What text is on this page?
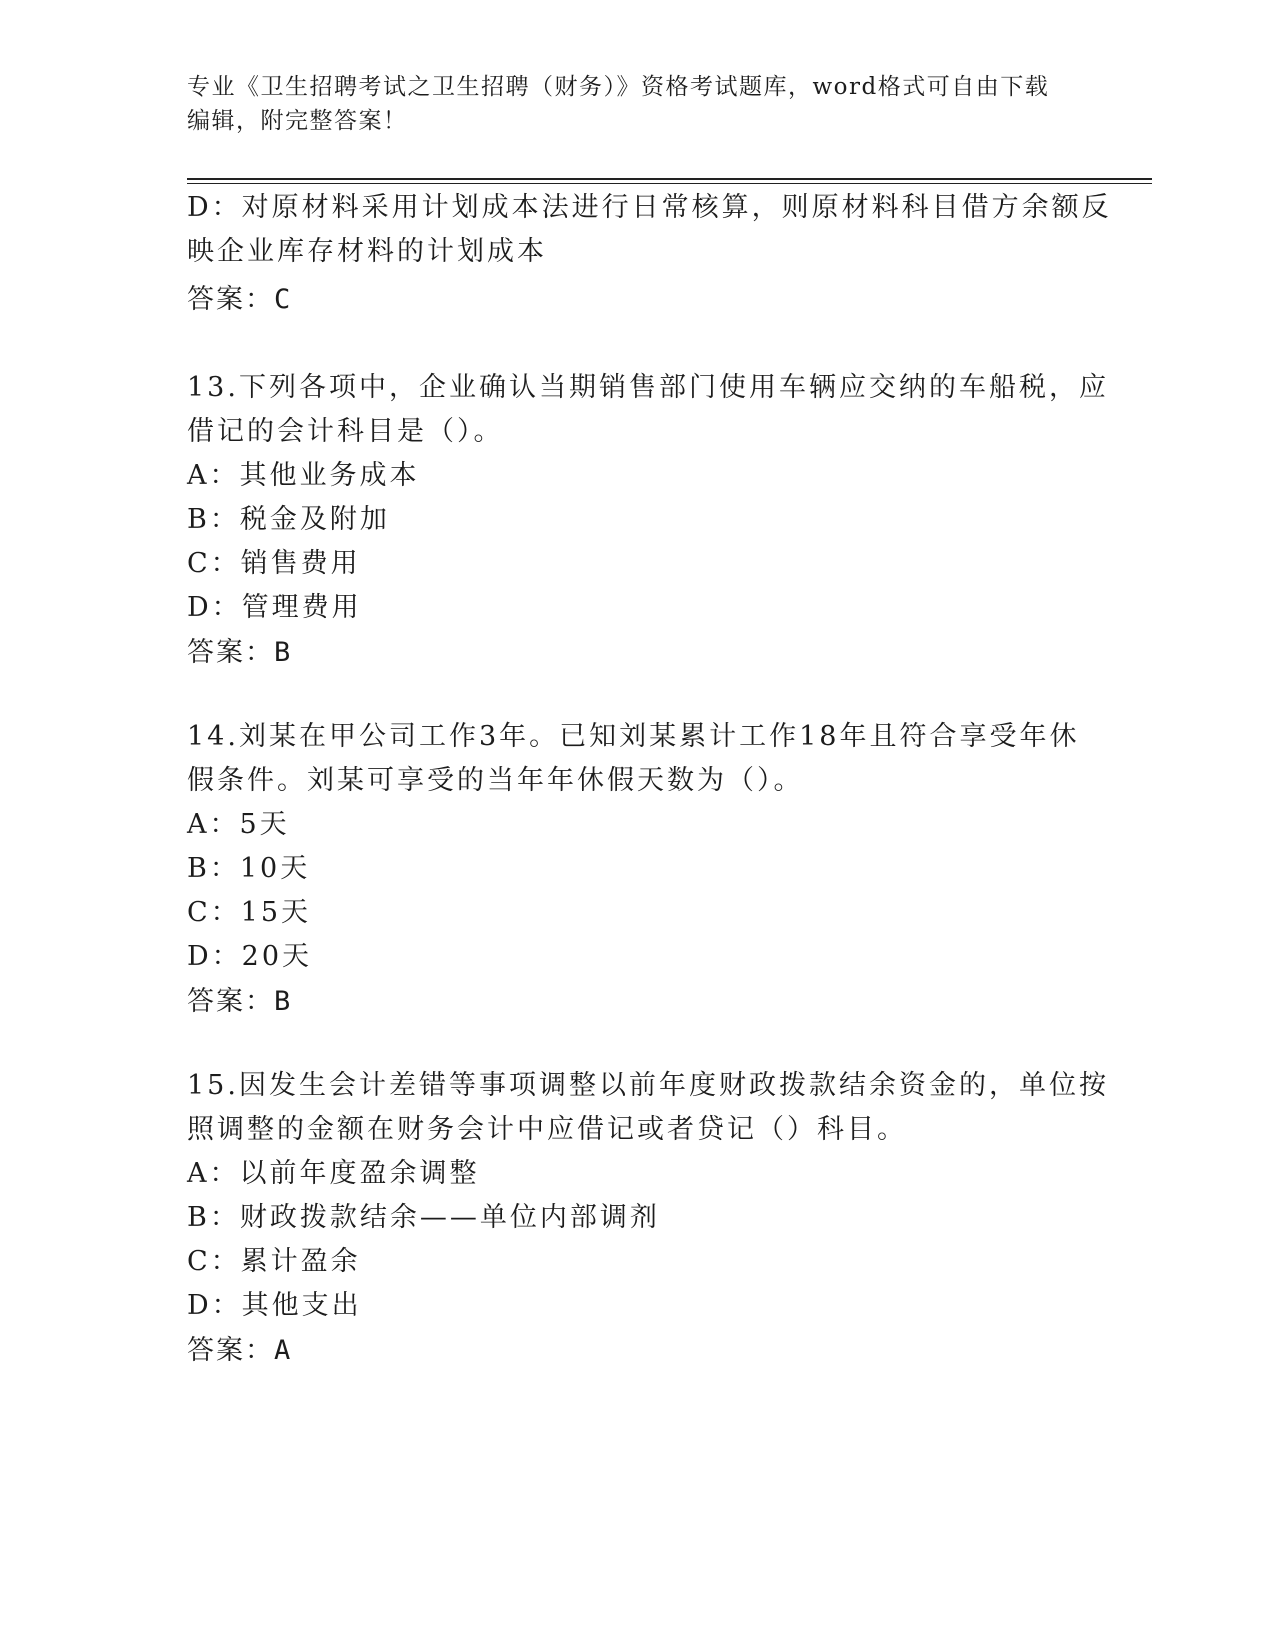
专业《卫生招聘考试之卫生招聘（财务）》资格考试题库，word格式可自由下载
编辑，附完整答案！
D：对原材料采用计划成本法进行日常核算，则原材料科目借方余额反
映企业库存材料的计划成本
答案：C
13.下列各项中，企业确认当期销售部门使用车辆应交纳的车船税，应
借记的会计科目是（）。
A：其他业务成本
B：税金及附加
C：销售费用
D：管理费用
答案：B
14.刘某在甲公司工作3年。已知刘某累计工作18年且符合享受年休
假条件。刘某可享受的当年年休假天数为（）。
A：5天
B：10天
C：15天
D：20天
答案：B
15.因发生会计差错等事项调整以前年度财政拨款结余资金的，单位按
照调整的金额在财务会计中应借记或者贷记（）科目。
A：以前年度盈余调整
B：财政拨款结余——单位内部调剂
C：累计盈余
D：其他支出
答案：A
